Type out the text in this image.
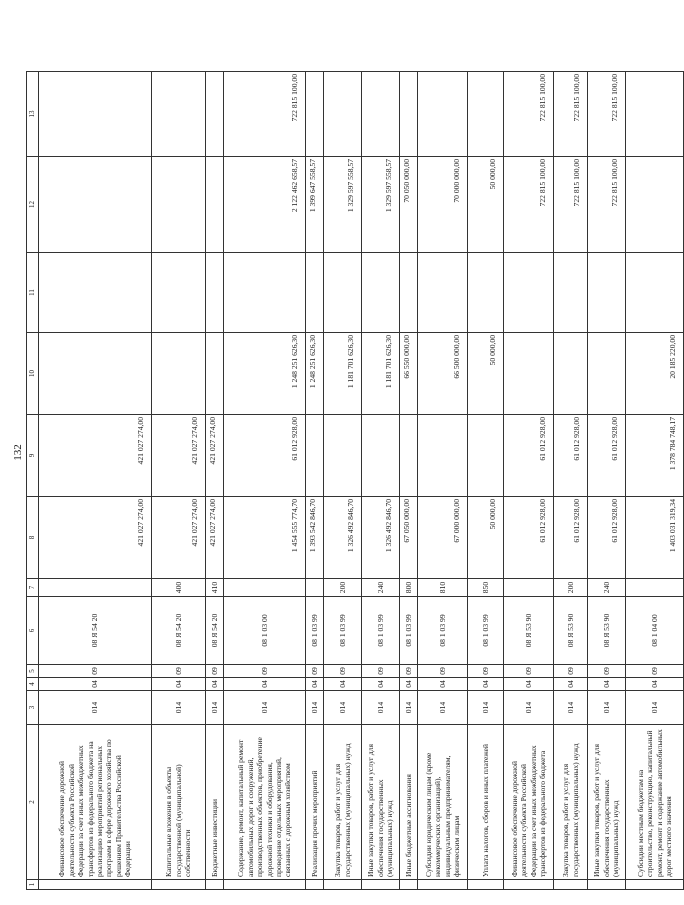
132
1	2	3	4	5	6	7	8	9	10	11	12	13
	Финансовое обеспечение дорожной деятельности субъекта Российской Федерации за счет иных межбюджетных трансфертов из федерального бюджета на реализацию мероприятий региональных программ в сфере дорожного хозяйства по решениям Правительства Российской Федерации	014	04	09	08 Я 54 20		421 027 274,00	421 027 274,00				
	Капитальные вложения в объекты государственной (муниципальной) собственности	014	04	09	08 Я 54 20	400	421 027 274,00	421 027 274,00				
	Бюджетные инвестиции	014	04	09	08 Я 54 20	410	421 027 274,00	421 027 274,00				
	Содержание, ремонт, капитальный ремонт автомобильных дорог и сооружений, производственных объектов, приобретение дорожной техники и оборудования, проведение отдельных мероприятий, связанных с дорожным хозяйством	014	04	09	08 1 03 00		1 454 555 774,70	61 012 928,00	1 248 251 626,30		2 122 462 658,57	722 815 100,00
	Реализация прочих мероприятий	014	04	09	08 1 03 99		1 393 542 846,70		1 248 251 626,30		1 399 647 558,57	
	Закупка товаров, работ и услуг для государственных (муниципальных) нужд	014	04	09	08 1 03 99	200	1 326 492 846,70		1 181 701 626,30		1 329 597 558,57	
	Иные закупки товаров, работ и услуг для обеспечения государственных (муниципальных) нужд	014	04	09	08 1 03 99	240	1 326 492 846,70		1 181 701 626,30		1 329 597 558,57	
	Иные бюджетные ассигнования	014	04	09	08 1 03 99	800	67 050 000,00		66 550 000,00		70 050 000,00	
	Субсидии юридическим лицам (кроме некоммерческих организаций), индивидуальным предпринимателям, физическим лицам	014	04	09	08 1 03 99	810	67 000 000,00		66 500 000,00		70 000 000,00	
	Уплата налогов, сборов и иных платежей	014	04	09	08 1 03 99	850	50 000,00		50 000,00		50 000,00	
	Финансовое обеспечение дорожной деятельности субъекта Российской Федерации за счет иных межбюджетных трансфертов из федерального бюджета	014	04	09	08 Я 53 90		61 012 928,00	61 012 928,00			722 815 100,00	722 815 100,00
	Закупка товаров, работ и услуг для государственных (муниципальных) нужд	014	04	09	08 Я 53 90	200	61 012 928,00	61 012 928,00			722 815 100,00	722 815 100,00
	Иные закупки товаров, работ и услуг для обеспечения государственных (муниципальных) нужд	014	04	09	08 Я 53 90	240	61 012 928,00	61 012 928,00			722 815 100,00	722 815 100,00
	Субсидии местным бюджетам на строительство, реконструкцию, капитальный ремонт, ремонт и содержание автомобильных дорог местного значения	014	04	09	08 1 04 00		1 403 031 319,34	1 378 784 748,17	20 185 220,00			
